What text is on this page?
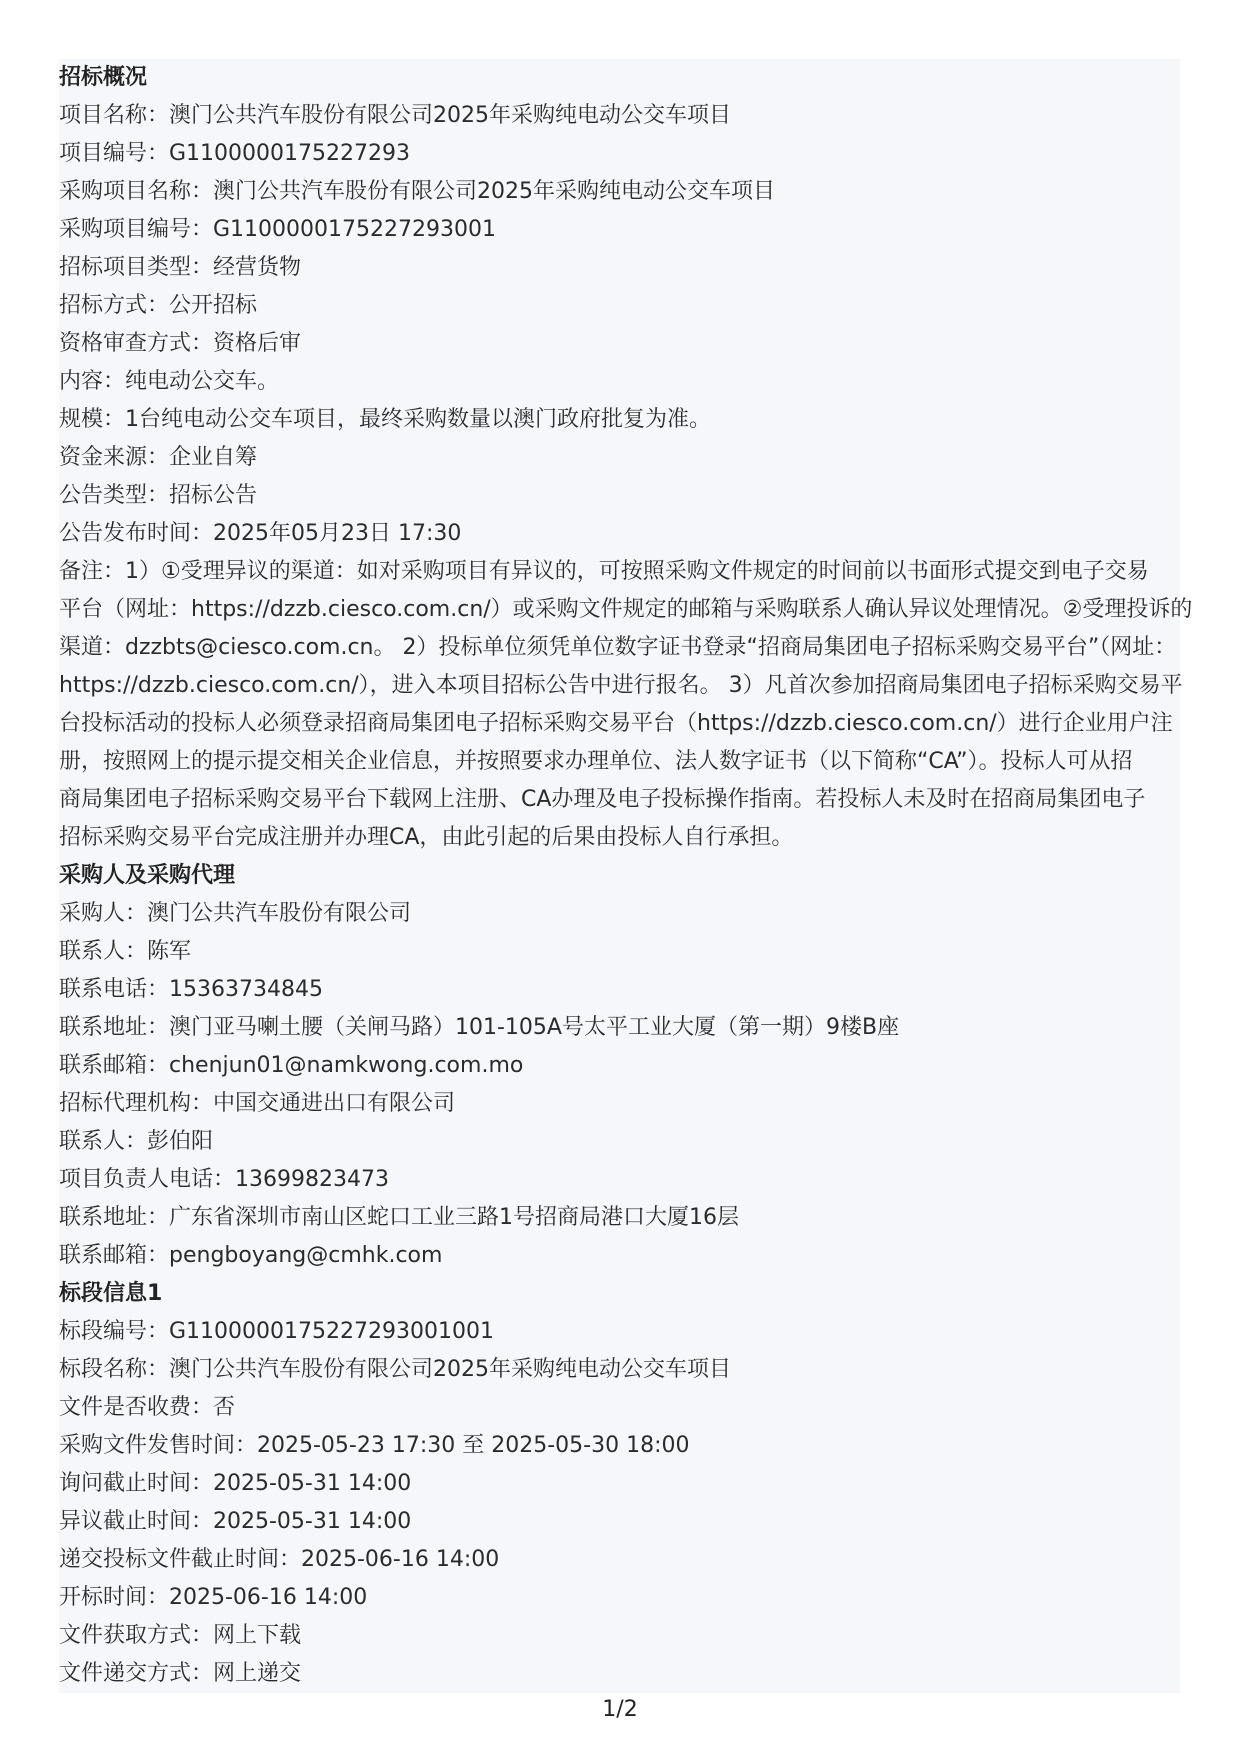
招标概况
项目名称：澳门公共汽车股份有限公司2025年采购纯电动公交车项目
项目编号：G1100000175227293
采购项目名称：澳门公共汽车股份有限公司2025年采购纯电动公交车项目
采购项目编号：G1100000175227293001
招标项目类型：经营货物
招标方式：公开招标
资格审查方式：资格后审
内容：纯电动公交车。
规模：1台纯电动公交车项目，最终采购数量以澳门政府批复为准。
资金来源：企业自筹
公告类型：招标公告
公告发布时间：2025年05月23日 17:30
备注：1）①受理异议的渠道：如对采购项目有异议的，可按照采购文件规定的时间前以书面形式提交到电子交易
平台（网址：https://dzzb.ciesco.com.cn/）或采购文件规定的邮箱与采购联系人确认异议处理情况。②受理投诉的
渠道：dzzbts@ciesco.com.cn。 2）投标单位须凭单位数字证书登录“招商局集团电子招标采购交易平台”（网址：
https://dzzb.ciesco.com.cn/），进入本项目招标公告中进行报名。 3）凡首次参加招商局集团电子招标采购交易平
台投标活动的投标人必须登录招商局集团电子招标采购交易平台（https://dzzb.ciesco.com.cn/）进行企业用户注
册，按照网上的提示提交相关企业信息，并按照要求办理单位、法人数字证书（以下简称“CA”）。投标人可从招
商局集团电子招标采购交易平台下载网上注册、CA办理及电子投标操作指南。若投标人未及时在招商局集团电子
招标采购交易平台完成注册并办理CA，由此引起的后果由投标人自行承担。
采购人及采购代理
采购人：澳门公共汽车股份有限公司
联系人：陈军
联系电话：15363734845
联系地址：澳门亚马喇土腰（关闸马路）101-105A号太平工业大厦（第一期）9楼B座
联系邮箱：chenjun01@namkwong.com.mo
招标代理机构：中国交通进出口有限公司
联系人：彭伯阳
项目负责人电话：13699823473
联系地址：广东省深圳市南山区蛇口工业三路1号招商局港口大厦16层
联系邮箱：pengboyang@cmhk.com
标段信息1
标段编号：G1100000175227293001001
标段名称：澳门公共汽车股份有限公司2025年采购纯电动公交车项目
文件是否收费：否
采购文件发售时间：2025-05-23 17:30 至 2025-05-30 18:00
询问截止时间：2025-05-31 14:00
异议截止时间：2025-05-31 14:00
递交投标文件截止时间：2025-06-16 14:00
开标时间：2025-06-16 14:00
文件获取方式：网上下载
文件递交方式：网上递交
1/2
